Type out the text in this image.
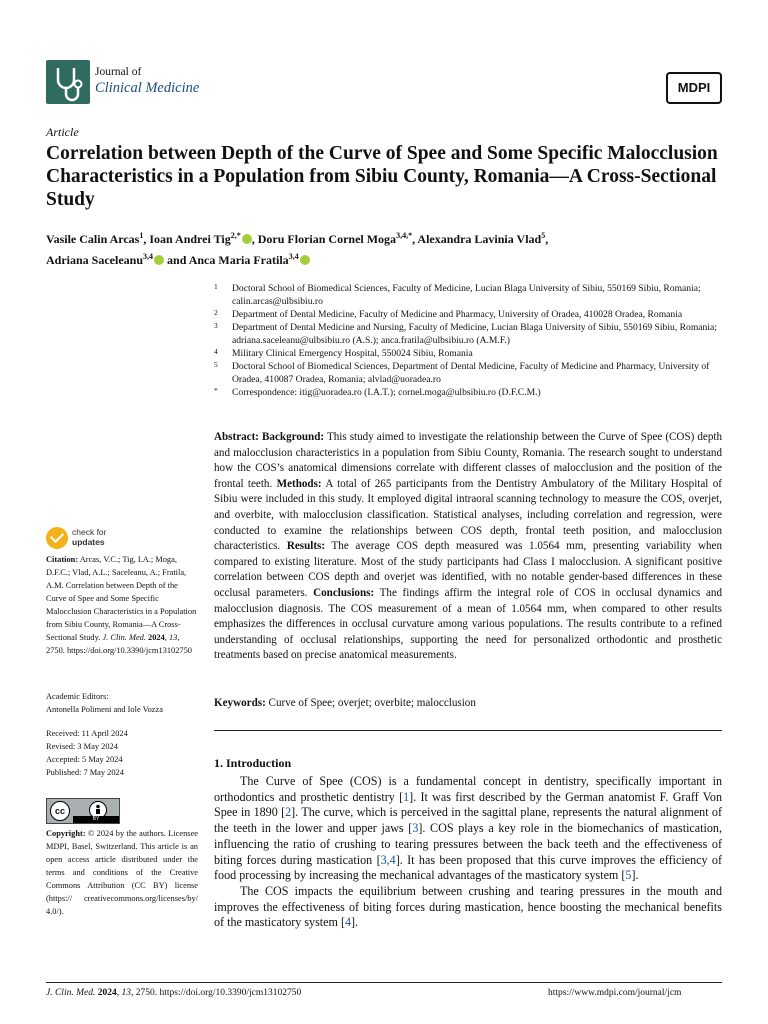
Journal of
Clinical Medicine	MDPI
Article
Correlation between Depth of the Curve of Spee and Some Specific Malocclusion Characteristics in a Population from Sibiu County, Romania—A Cross-Sectional Study
Vasile Calin Arcas$^1$, Ioan Andrei Tig$^{2,*}$ , Doru Florian Cornel Moga$^{3,4,*}$, Alexandra Lavinia Vlad$^5$,
Adriana Saceleanu$^{3,4}$ and Anca Maria Fratila$^{3,4}$
1 Doctoral School of Biomedical Sciences, Faculty of Medicine, Lucian Blaga University of Sibiu, 550169 Sibiu, Romania; calin.arcas@ulbsibiu.ro
2 Department of Dental Medicine, Faculty of Medicine and Pharmacy, University of Oradea, 410028 Oradea, Romania
3 Department of Dental Medicine and Nursing, Faculty of Medicine, Lucian Blaga University of Sibiu, 550169 Sibiu, Romania; adriana.saceleanu@ulbsibiu.ro (A.S.); anca.fratila@ulbsibiu.ro (A.M.F.)
4 Military Clinical Emergency Hospital, 550024 Sibiu, Romania
5 Doctoral School of Biomedical Sciences, Department of Dental Medicine, Faculty of Medicine and Pharmacy, University of Oradea, 410087 Oradea, Romania; alvlad@uoradea.ro
* Correspondence: itig@uoradea.ro (I.A.T.); cornel.moga@ulbsibiu.ro (D.F.C.M.)
Abstract: Background: This study aimed to investigate the relationship between the Curve of Spee (COS) depth and malocclusion characteristics in a population from Sibiu County, Romania. The research sought to understand how the COS’s anatomical dimensions correlate with different classes of malocclusion and the position of the frontal teeth. Methods: A total of 265 participants from the Dentistry Ambulatory of the Military Hospital of Sibiu were included in this study. It employed digital intraoral scanning technology to measure the COS, overjet, and overbite, with malocclusion classification. Statistical analyses, including correlation and regression, were conducted to examine the relationships between COS depth, frontal teeth position, and malocclusion characteristics. Results: The average COS depth measured was 1.0564 mm, presenting variability when compared to existing literature. Most of the study participants had Class I malocclusion. A significant positive correlation between COS depth and overjet was identified, with no notable gender-based differences in these occlusal parameters. Conclusions: The findings affirm the integral role of COS in occlusal dynamics and malocclusion diagnosis. The COS measurement of a mean of 1.0564 mm, when compared to other results emphasizes the differences in occlusal curvature among various populations. The results contribute to a refined understanding of occlusal relationships, supporting the need for personalized orthodontic and prosthetic treatments based on precise anatomical measurements.
Keywords: Curve of Spee; overjet; overbite; malocclusion
1. Introduction

The Curve of Spee (COS) is a fundamental concept in dentistry, specifically important in orthodontics and prosthetic dentistry [1]. It was first described by the German anatomist F. Graff Von Spee in 1890 [2]. The curve, which is perceived in the sagittal plane, represents the natural alignment of the teeth in the lower and upper jaws [3]. COS plays a key role in the biomechanics of mastication, influencing the ratio of crushing to tearing pressures between the back teeth and the effectiveness of biting forces during mastication [3,4]. It has been proposed that this curve improves the efficiency of food processing by increasing the mechanical advantages of the masticatory system [5].

The COS impacts the equilibrium between crushing and tearing pressures in the mouth and improves the effectiveness of biting forces during mastication, hence boosting the mechanical benefits of the masticatory system [4].

check for
updates
Citation: Arcas, V.C.; Tig, I.A.; Moga, D.F.C.; Vlad, A.L.; Saceleanu, A.; Fratila, A.M. Correlation between Depth of the Curve of Spee and Some Specific Malocclusion Characteristics in a Population from Sibiu County, Romania—A Cross-Sectional Study. J. Clin. Med. 2024, 13, 2750. https://doi.org/10.3390/jcm13102750
Academic Editors:
Antonella Polimeni and Iole Vozza
Received: 11 April 2024
Revised: 3 May 2024
Accepted: 5 May 2024
Published: 7 May 2024
cc
BY
Copyright: © 2024 by the authors. Licensee MDPI, Basel, Switzerland. This article is an open access article distributed under the terms and conditions of the Creative Commons Attribution (CC BY) license (https:// creativecommons.org/licenses/by/ 4.0/).
J. Clin. Med. 2024, 13, 2750. https://doi.org/10.3390/jcm13102750	https://www.mdpi.com/journal/jcm
